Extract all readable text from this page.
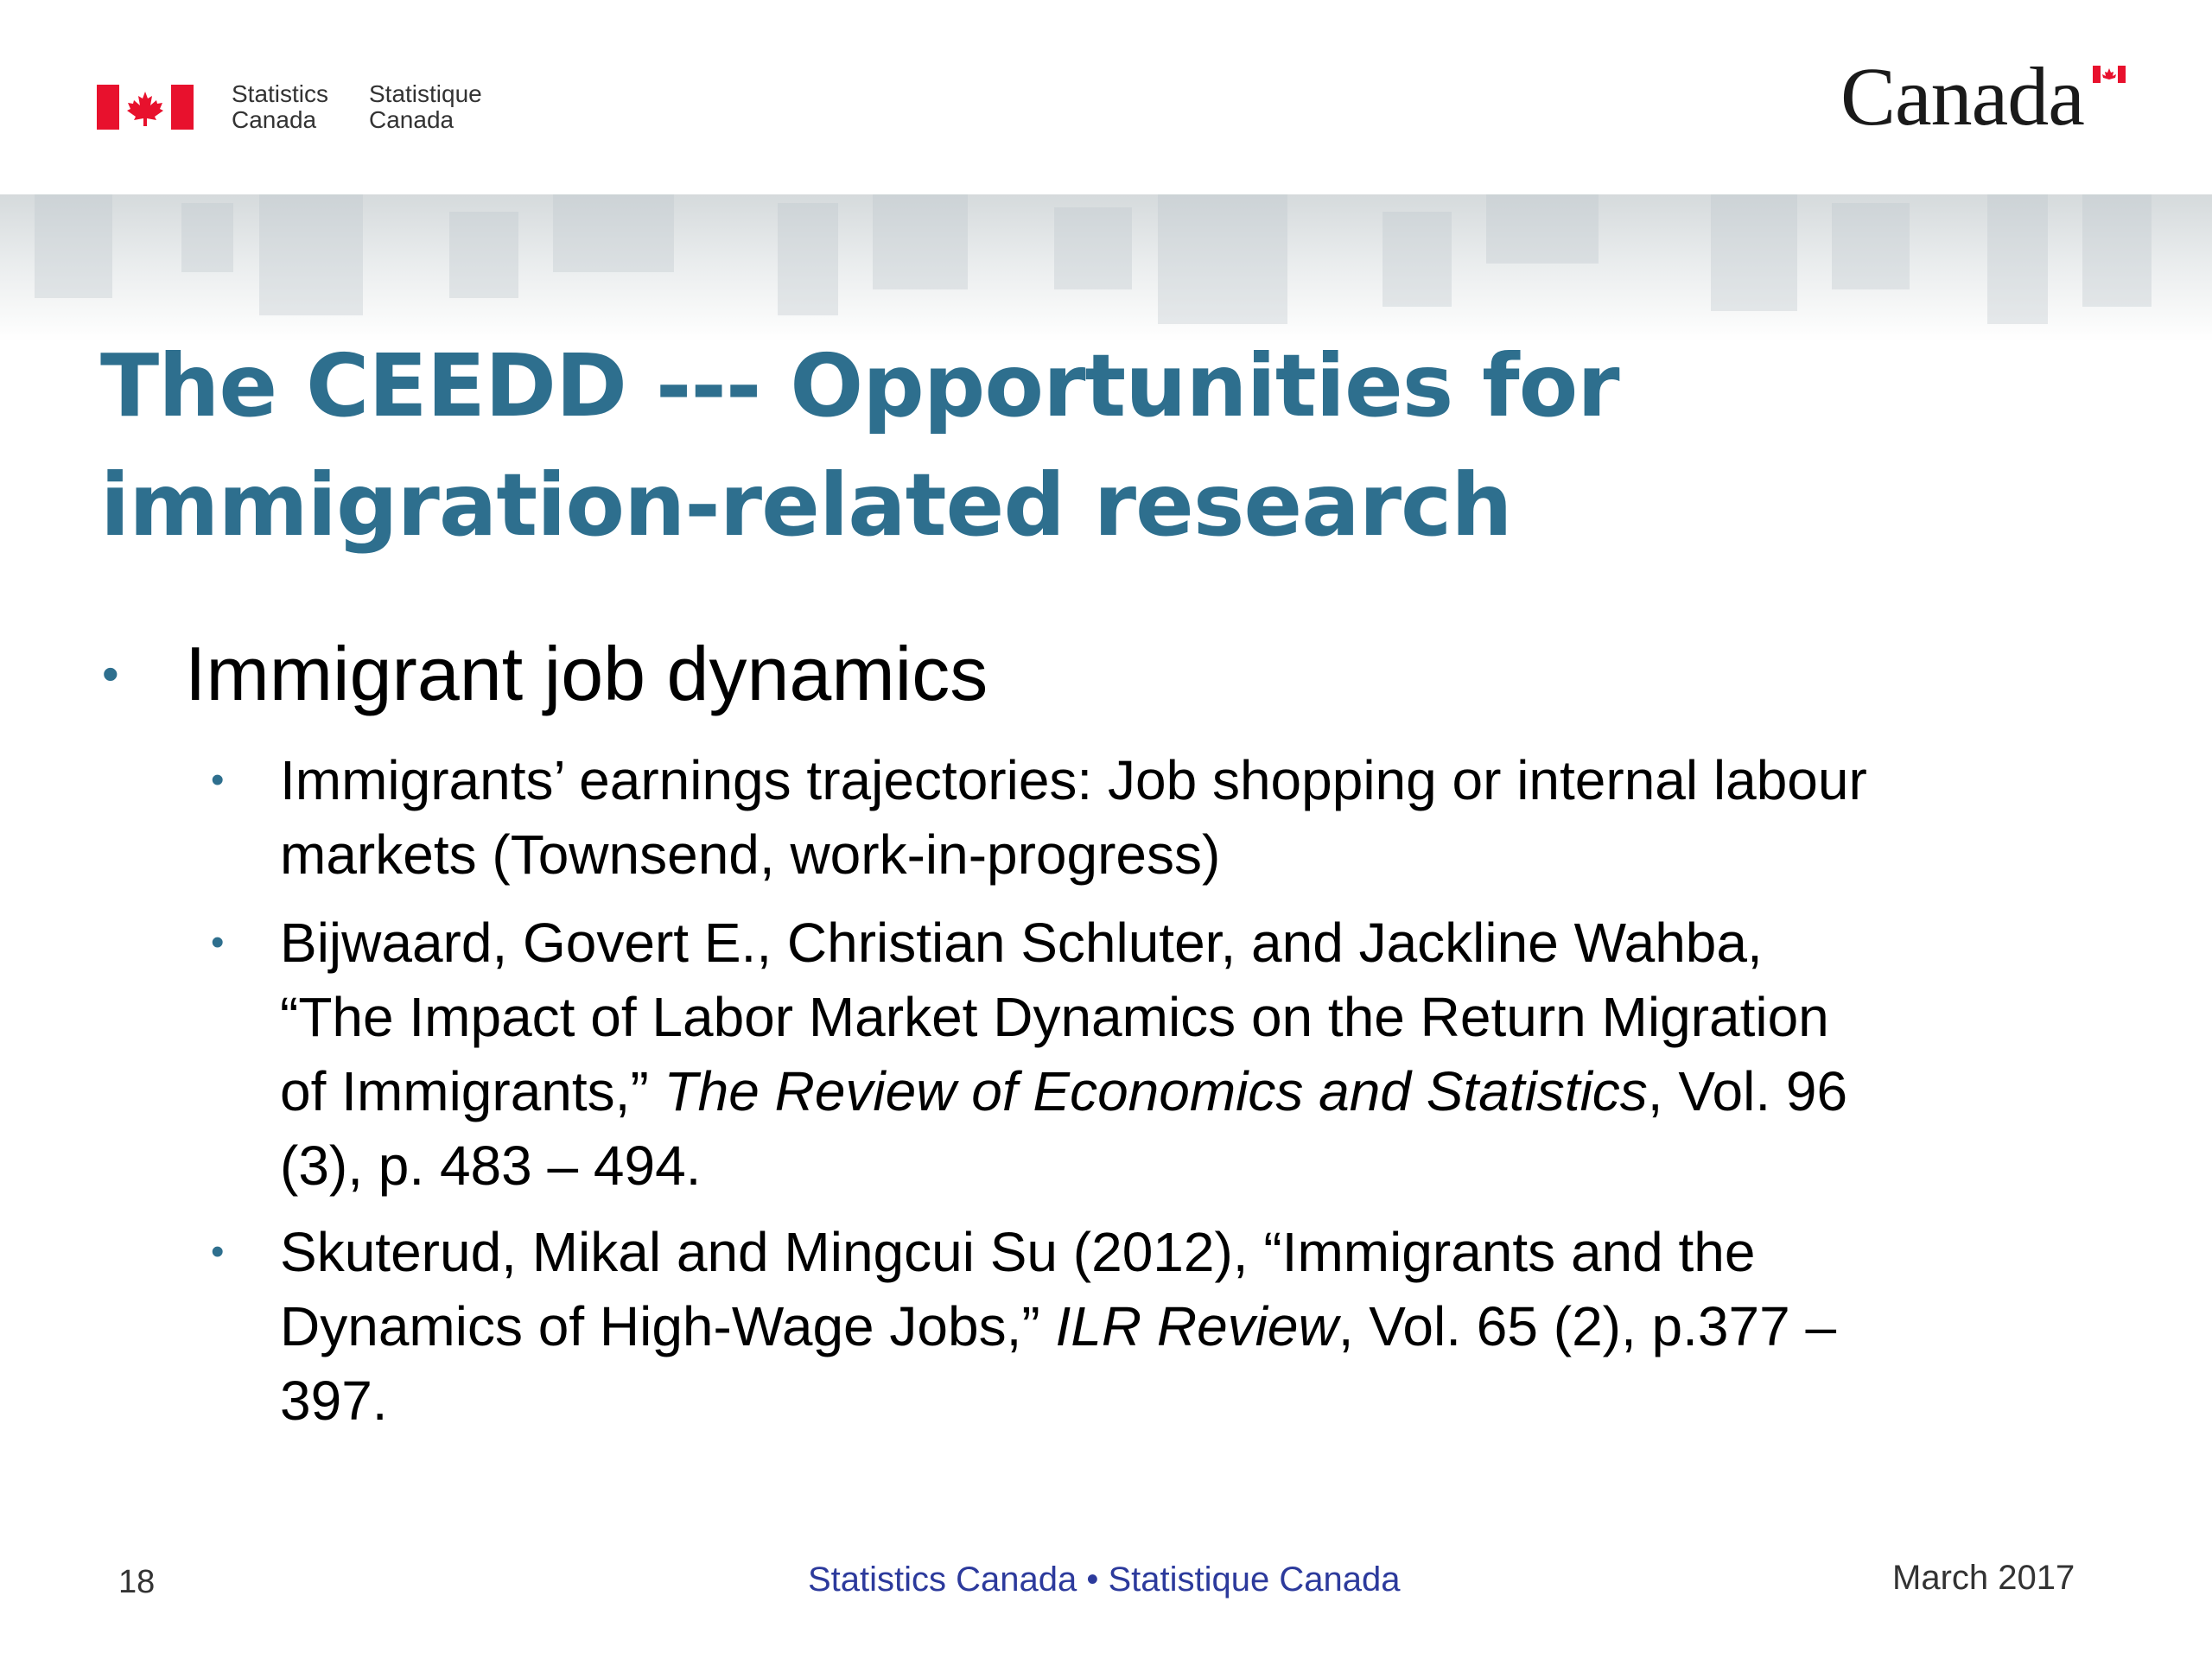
Statistics
Canada
Statistique
Canada	Canada
The CEEDD --- Opportunities for
immigration-related research
• Immigrant job dynamics
• Immigrants’ earnings trajectories: Job shopping or internal labour
markets (Townsend, work-in-progress)
• Bijwaard, Govert E., Christian Schluter, and Jackline Wahba,
“The Impact of Labor Market Dynamics on the Return Migration
of Immigrants,” The Review of Economics and Statistics, Vol. 96
(3), p. 483 – 494.
• Skuterud, Mikal and Mingcui Su (2012), “Immigrants and the
Dynamics of High-Wage Jobs,” ILR Review, Vol. 65 (2), p.377 –
397.
18	Statistics Canada • Statistique Canada	March 2017
